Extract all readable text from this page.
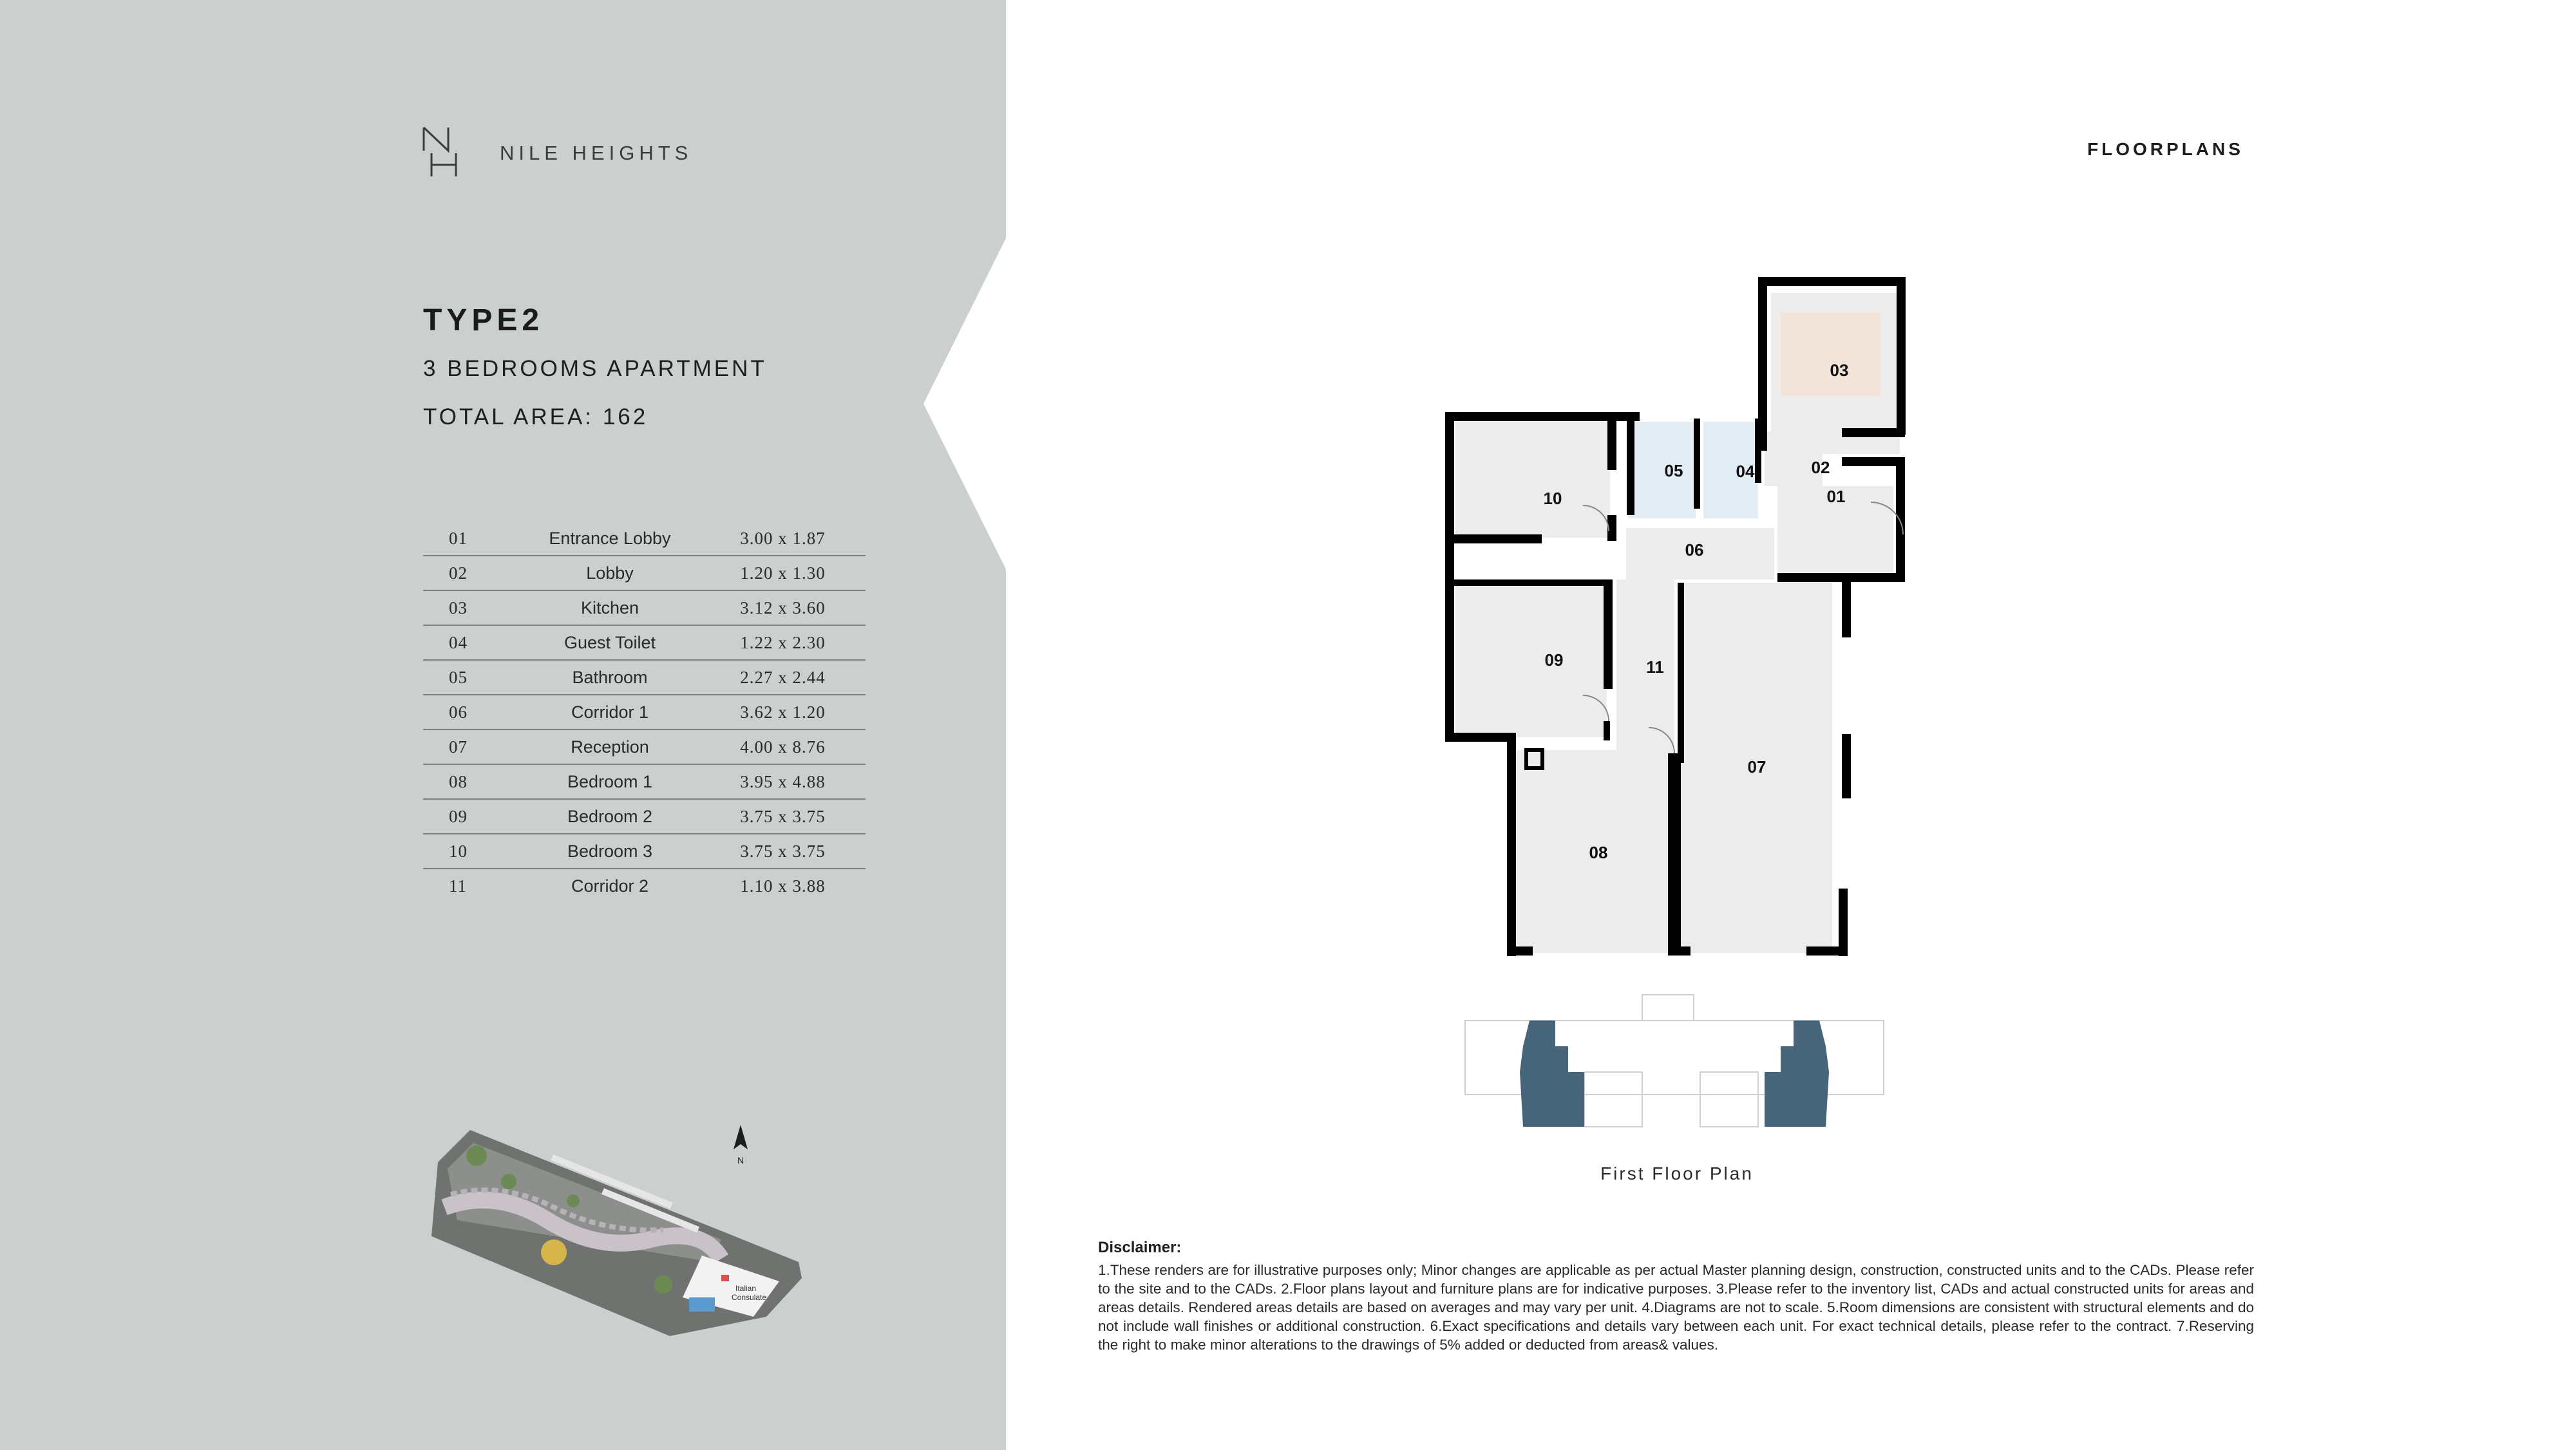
NILE HEIGHTS
TYPE2
3 BEDROOMS APARTMENT
TOTAL AREA: 162
01	Entrance Lobby	3.00 x 1.87
02	Lobby	1.20 x 1.30
03	Kitchen	3.12 x 3.60
04	Guest Toilet	1.22 x 2.30
05	Bathroom	2.27 x 2.44
06	Corridor 1	3.62 x 1.20
07	Reception	4.00 x 8.76
08	Bedroom 1	3.95 x 4.88
09	Bedroom 2	3.75 x 3.75
10	Bedroom 3	3.75 x 3.75
11	Corridor 2	1.10 x 3.88
Italian
Consulate
N
FLOORPLANS
01
02
03
04
05
06
07
08
09
10
11
First Floor Plan
Disclaimer:
1.These renders are for illustrative purposes only; Minor changes are applicable as per actual Master planning design, construction, constructed units and to the CADs. Please refer to the site and to the CADs. 2.Floor plans layout and furniture plans are for indicative purposes. 3.Please refer to the inventory list, CADs and actual constructed units for areas and areas details. Rendered areas details are based on averages and may vary per unit. 4.Diagrams are not to scale. 5.Room dimensions are consistent with structural elements and do not include wall finishes or additional construction. 6.Exact specifications and details vary between each unit. For exact technical details, please refer to the contract. 7.Reserving the right to make minor alterations to the drawings of 5% added or deducted from areas& values.
